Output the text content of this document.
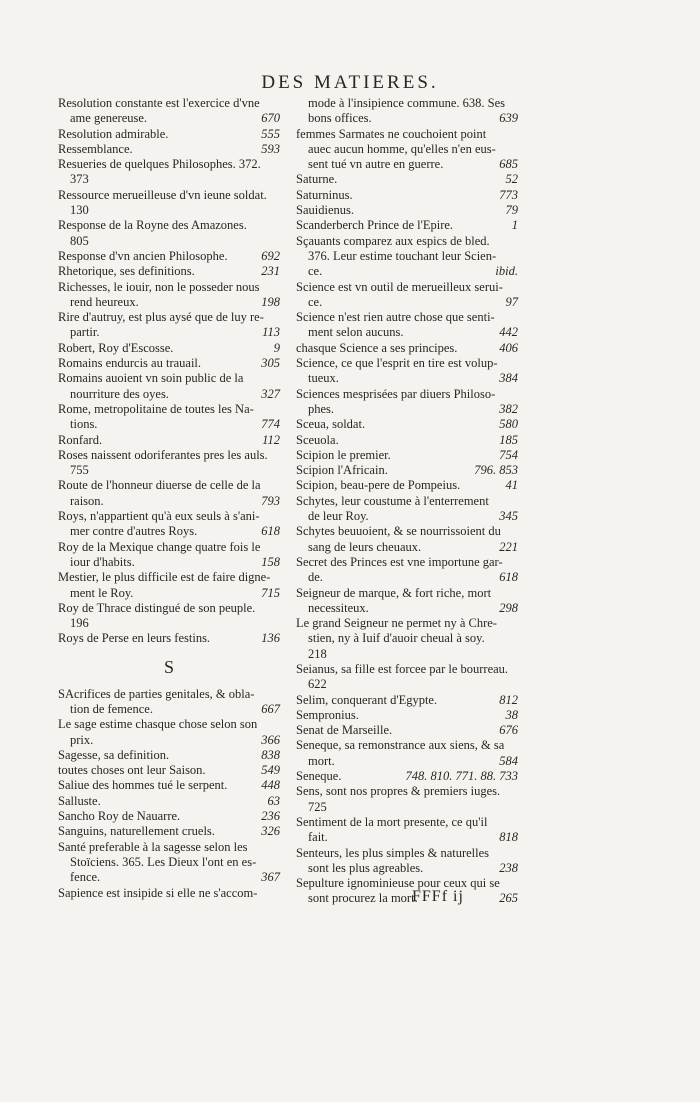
DES MATIERES.
Resolution constante est l'exercice d'vne
ame genereuse.	670
Resolution admirable.	555
Ressemblance.	593
Resueries de quelques Philosophes. 372.
373
Ressource merueilleuse d'vn ieune soldat.
130
Response de la Royne des Amazones.
805
Response d'vn ancien Philosophe.	692
Rhetorique, ses definitions.	231
Richesses, le iouir, non le posseder nous
rend heureux.	198
Rire d'autruy, est plus aysé que de luy re-
partir.	113
Robert, Roy d'Escosse.	9
Romains endurcis au trauail.	305
Romains auoient vn soin public de la
nourriture des oyes.	327
Rome, metropolitaine de toutes les Na-
tions.	774
Ronfard.	112
Roses naissent odoriferantes pres les auls.
755
Route de l'honneur diuerse de celle de la
raison.	793
Roys, n'appartient qu'à eux seuls à s'ani-
mer contre d'autres Roys.	618
Roy de la Mexique change quatre fois le
iour d'habits.	158
Mestier, le plus difficile est de faire digne-
ment le Roy.	715
Roy de Thrace distingué de son peuple.
196
Roys de Perse en leurs festins.	136
S
SAcrifices de parties genitales, & obla-
tion de femence.	667
Le sage estime chasque chose selon son
prix.	366
Sagesse, sa definition.	838
toutes choses ont leur Saison.	549
Saliue des hommes tué le serpent.	448
Salluste.	63
Sancho Roy de Nauarre.	236
Sanguins, naturellement cruels.	326
Santé preferable à la sagesse selon les
Stoïciens. 365. Les Dieux l'ont en es-
fence.	367
Sapience est insipide si elle ne s'accom-
mode à l'insipience commune. 638. Ses
bons offices.	639
femmes Sarmates ne couchoient point
auec aucun homme, qu'elles n'en eus-
sent tué vn autre en guerre.	685
Saturne.	52
Saturninus.	773
Sauidienus.	79
Scanderberch Prince de l'Epire.	1
Sçauants comparez aux espics de bled.
376. Leur estime touchant leur Scien-
ce.	ibid.
Science est vn outil de merueilleux serui-
ce.	97
Science n'est rien autre chose que senti-
ment selon aucuns.	442
chasque Science a ses principes.	406
Science, ce que l'esprit en tire est volup-
tueux.	384
Sciences mesprisées par diuers Philoso-
phes.	382
Sceua, soldat.	580
Sceuola.	185
Scipion le premier.	754
Scipion l'Africain.	796. 853
Scipion, beau-pere de Pompeius.	41
Schytes, leur coustume à l'enterrement
de leur Roy.	345
Schytes beuuoient, & se nourrissoient du
sang de leurs cheuaux.	221
Secret des Princes est vne importune gar-
de.	618
Seigneur de marque, & fort riche, mort
necessiteux.	298
Le grand Seigneur ne permet ny à Chre-
stien, ny à Iuif d'auoir cheual à soy.
218
Seianus, sa fille est forcee par le bourreau.
622
Selim, conquerant d'Egypte.	812
Sempronius.	38
Senat de Marseille.	676
Seneque, sa remonstrance aux siens, & sa
mort.	584
Seneque.	748. 810. 771. 88. 733
Sens, sont nos propres & premiers iuges.
725
Sentiment de la mort presente, ce qu'il
fait.	818
Senteurs, les plus simples & naturelles
sont les plus agreables.	238
Sepulture ignominieuse pour ceux qui se
sont procurez la mort.	265
FFFf ij
